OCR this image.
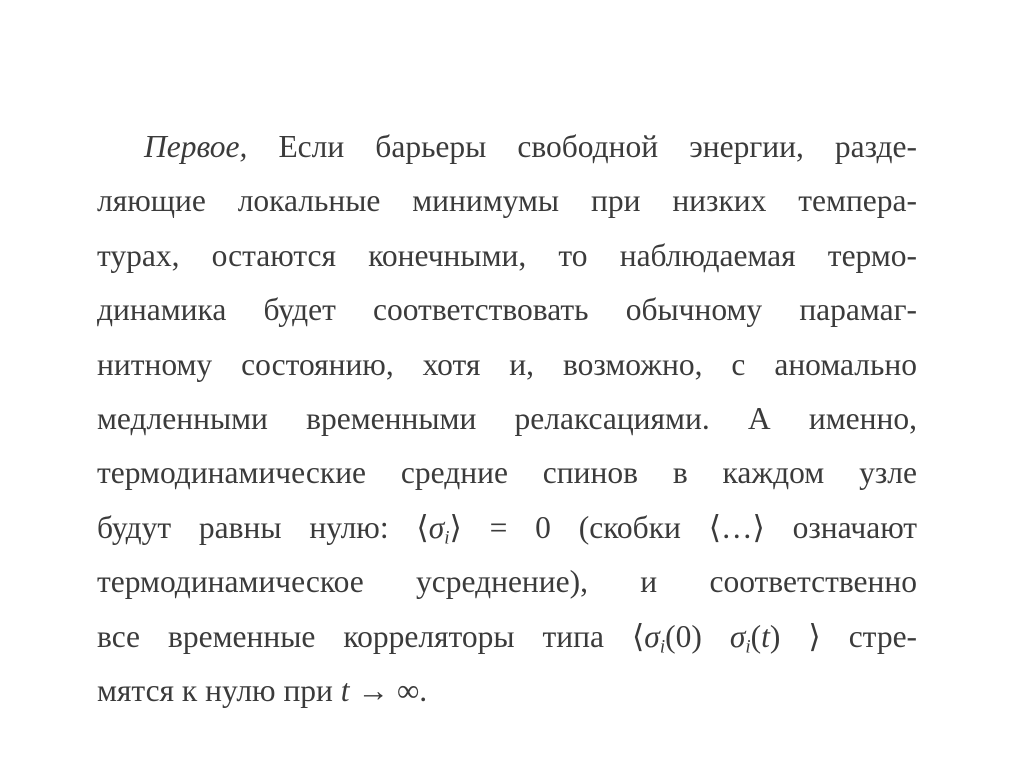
Первое, Если барьеры свободной энергии, разде-
ляющие локальные минимумы при низких темпера-
турах, остаются конечными, то наблюдаемая термо-
динамика будет соответствовать обычному парамаг-
нитному состоянию, хотя и, возможно, с аномально
медленными временными релаксациями. А именно,
термодинамические средние спинов в каждом узле
будут равны нулю: $⟨\sigma_i⟩ = 0$ (скобки ⟨…⟩ означают
термодинамическое усреднение), и соответственно
все временные корреляторы типа $⟨\sigma_i(0)$ $\sigma_i(t)$ ⟩ стре-
мятся к нулю при t → ∞.
